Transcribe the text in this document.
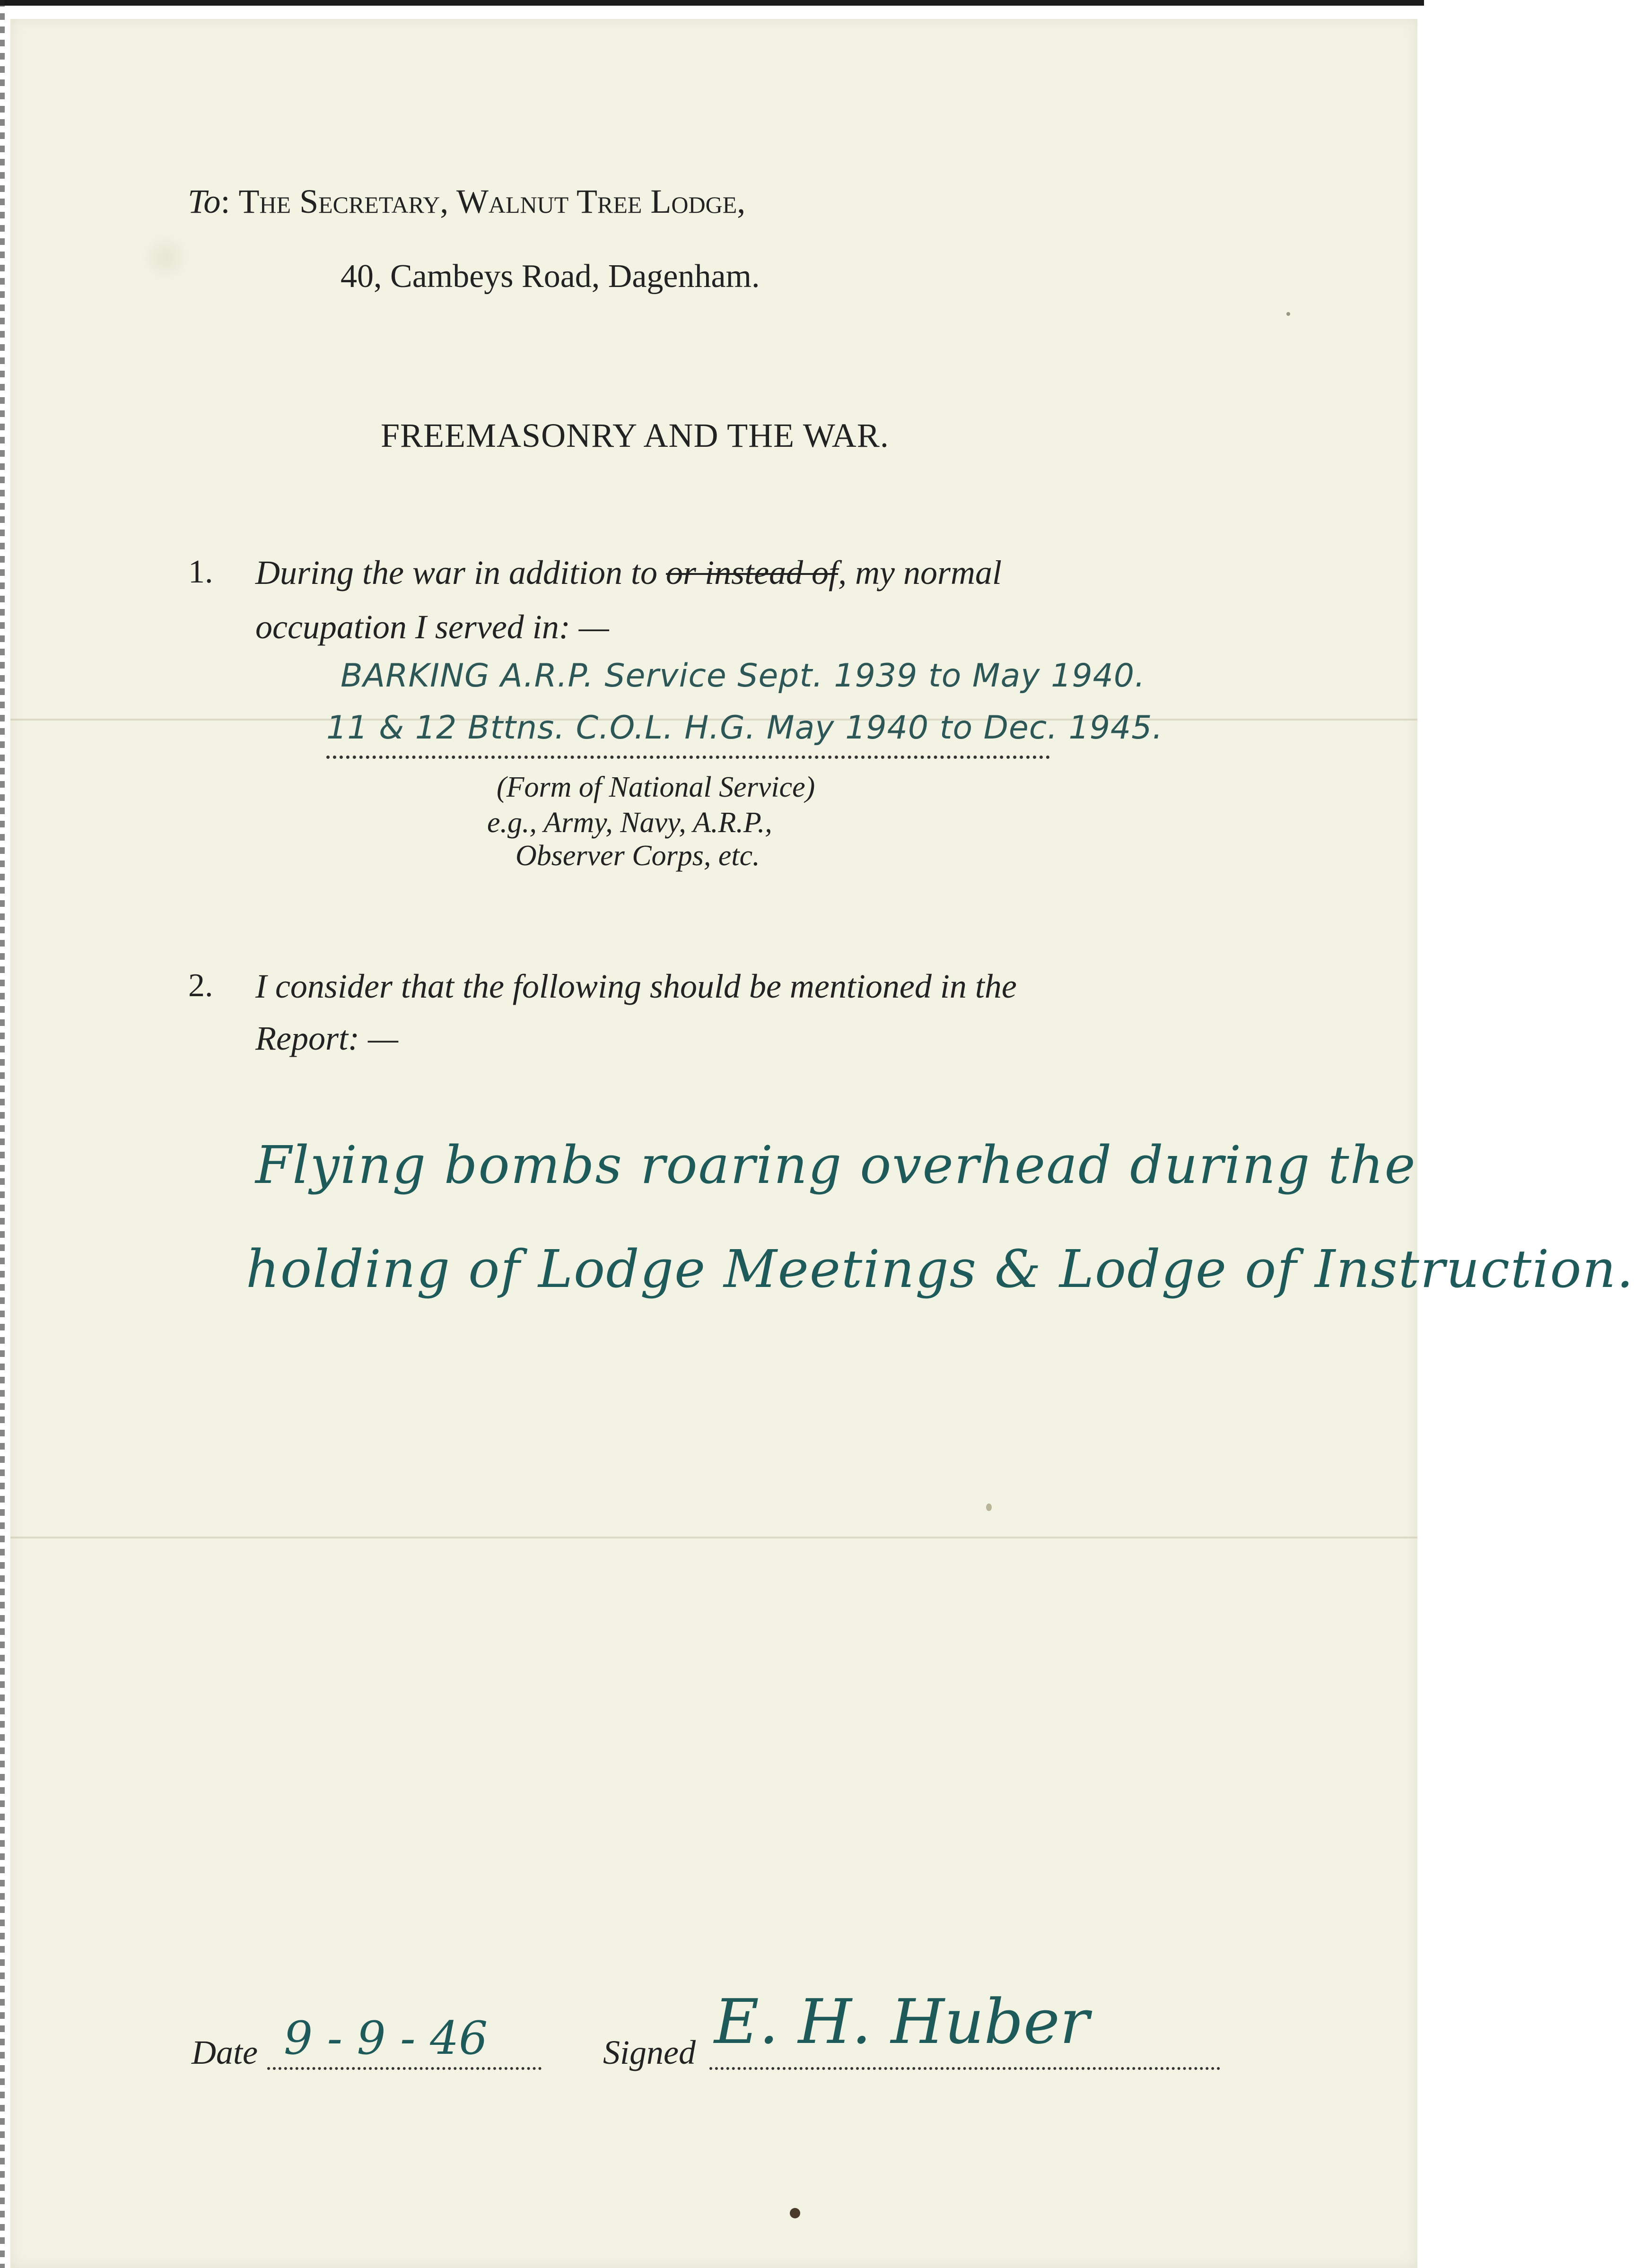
To: The Secretary, Walnut Tree Lodge,
40, Cambeys Road, Dagenham.
FREEMASONRY AND THE WAR.
1. During the war in addition to or instead of, my normal
occupation I served in: —
BARKING A.R.P. Service Sept. 1939 to May 1940.
11 & 12 Bttns. C.O.L. H.G. May 1940 to Dec. 1945.
(Form of National Service)
e.g., Army, Navy, A.R.P.,
Observer Corps, etc.
2. I consider that the following should be mentioned in the
Report: —
Flying bombs roaring overhead during the
holding of Lodge Meetings & Lodge of Instruction.
Date 9 - 9 - 46	Signed E. H. Huber
